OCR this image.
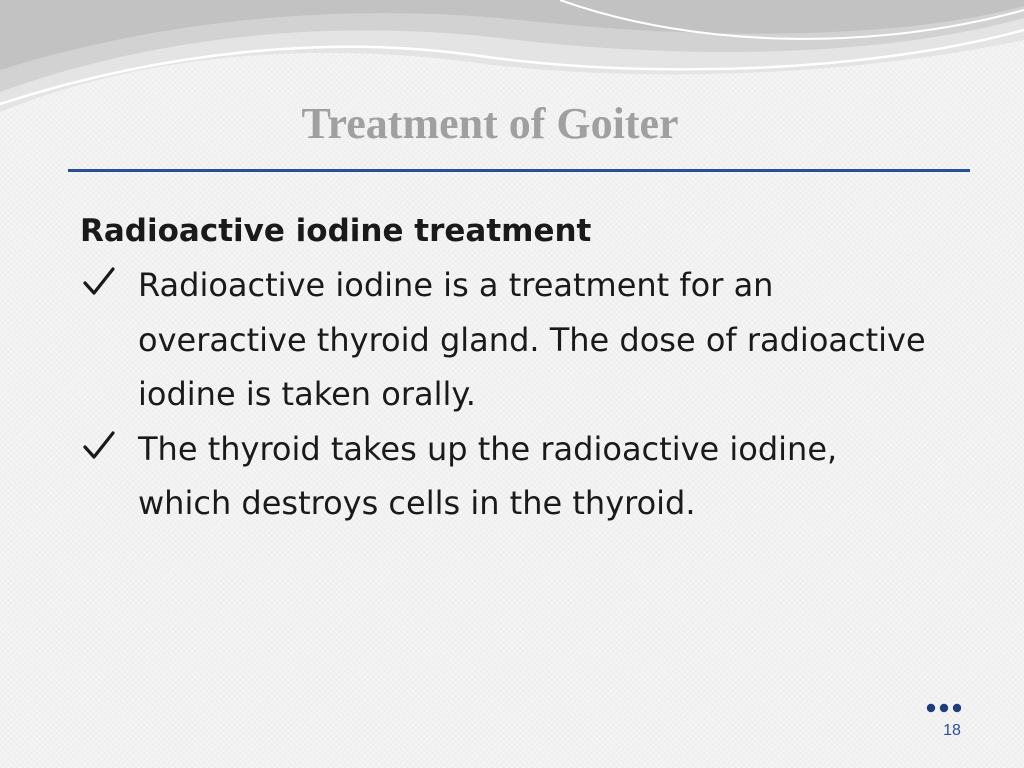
Treatment of Goiter
Radioactive iodine treatment
Radioactive iodine is a treatment for an overactive thyroid gland. The dose of radioactive iodine is taken orally.
The thyroid takes up the radioactive iodine, which destroys cells in the thyroid.
18
